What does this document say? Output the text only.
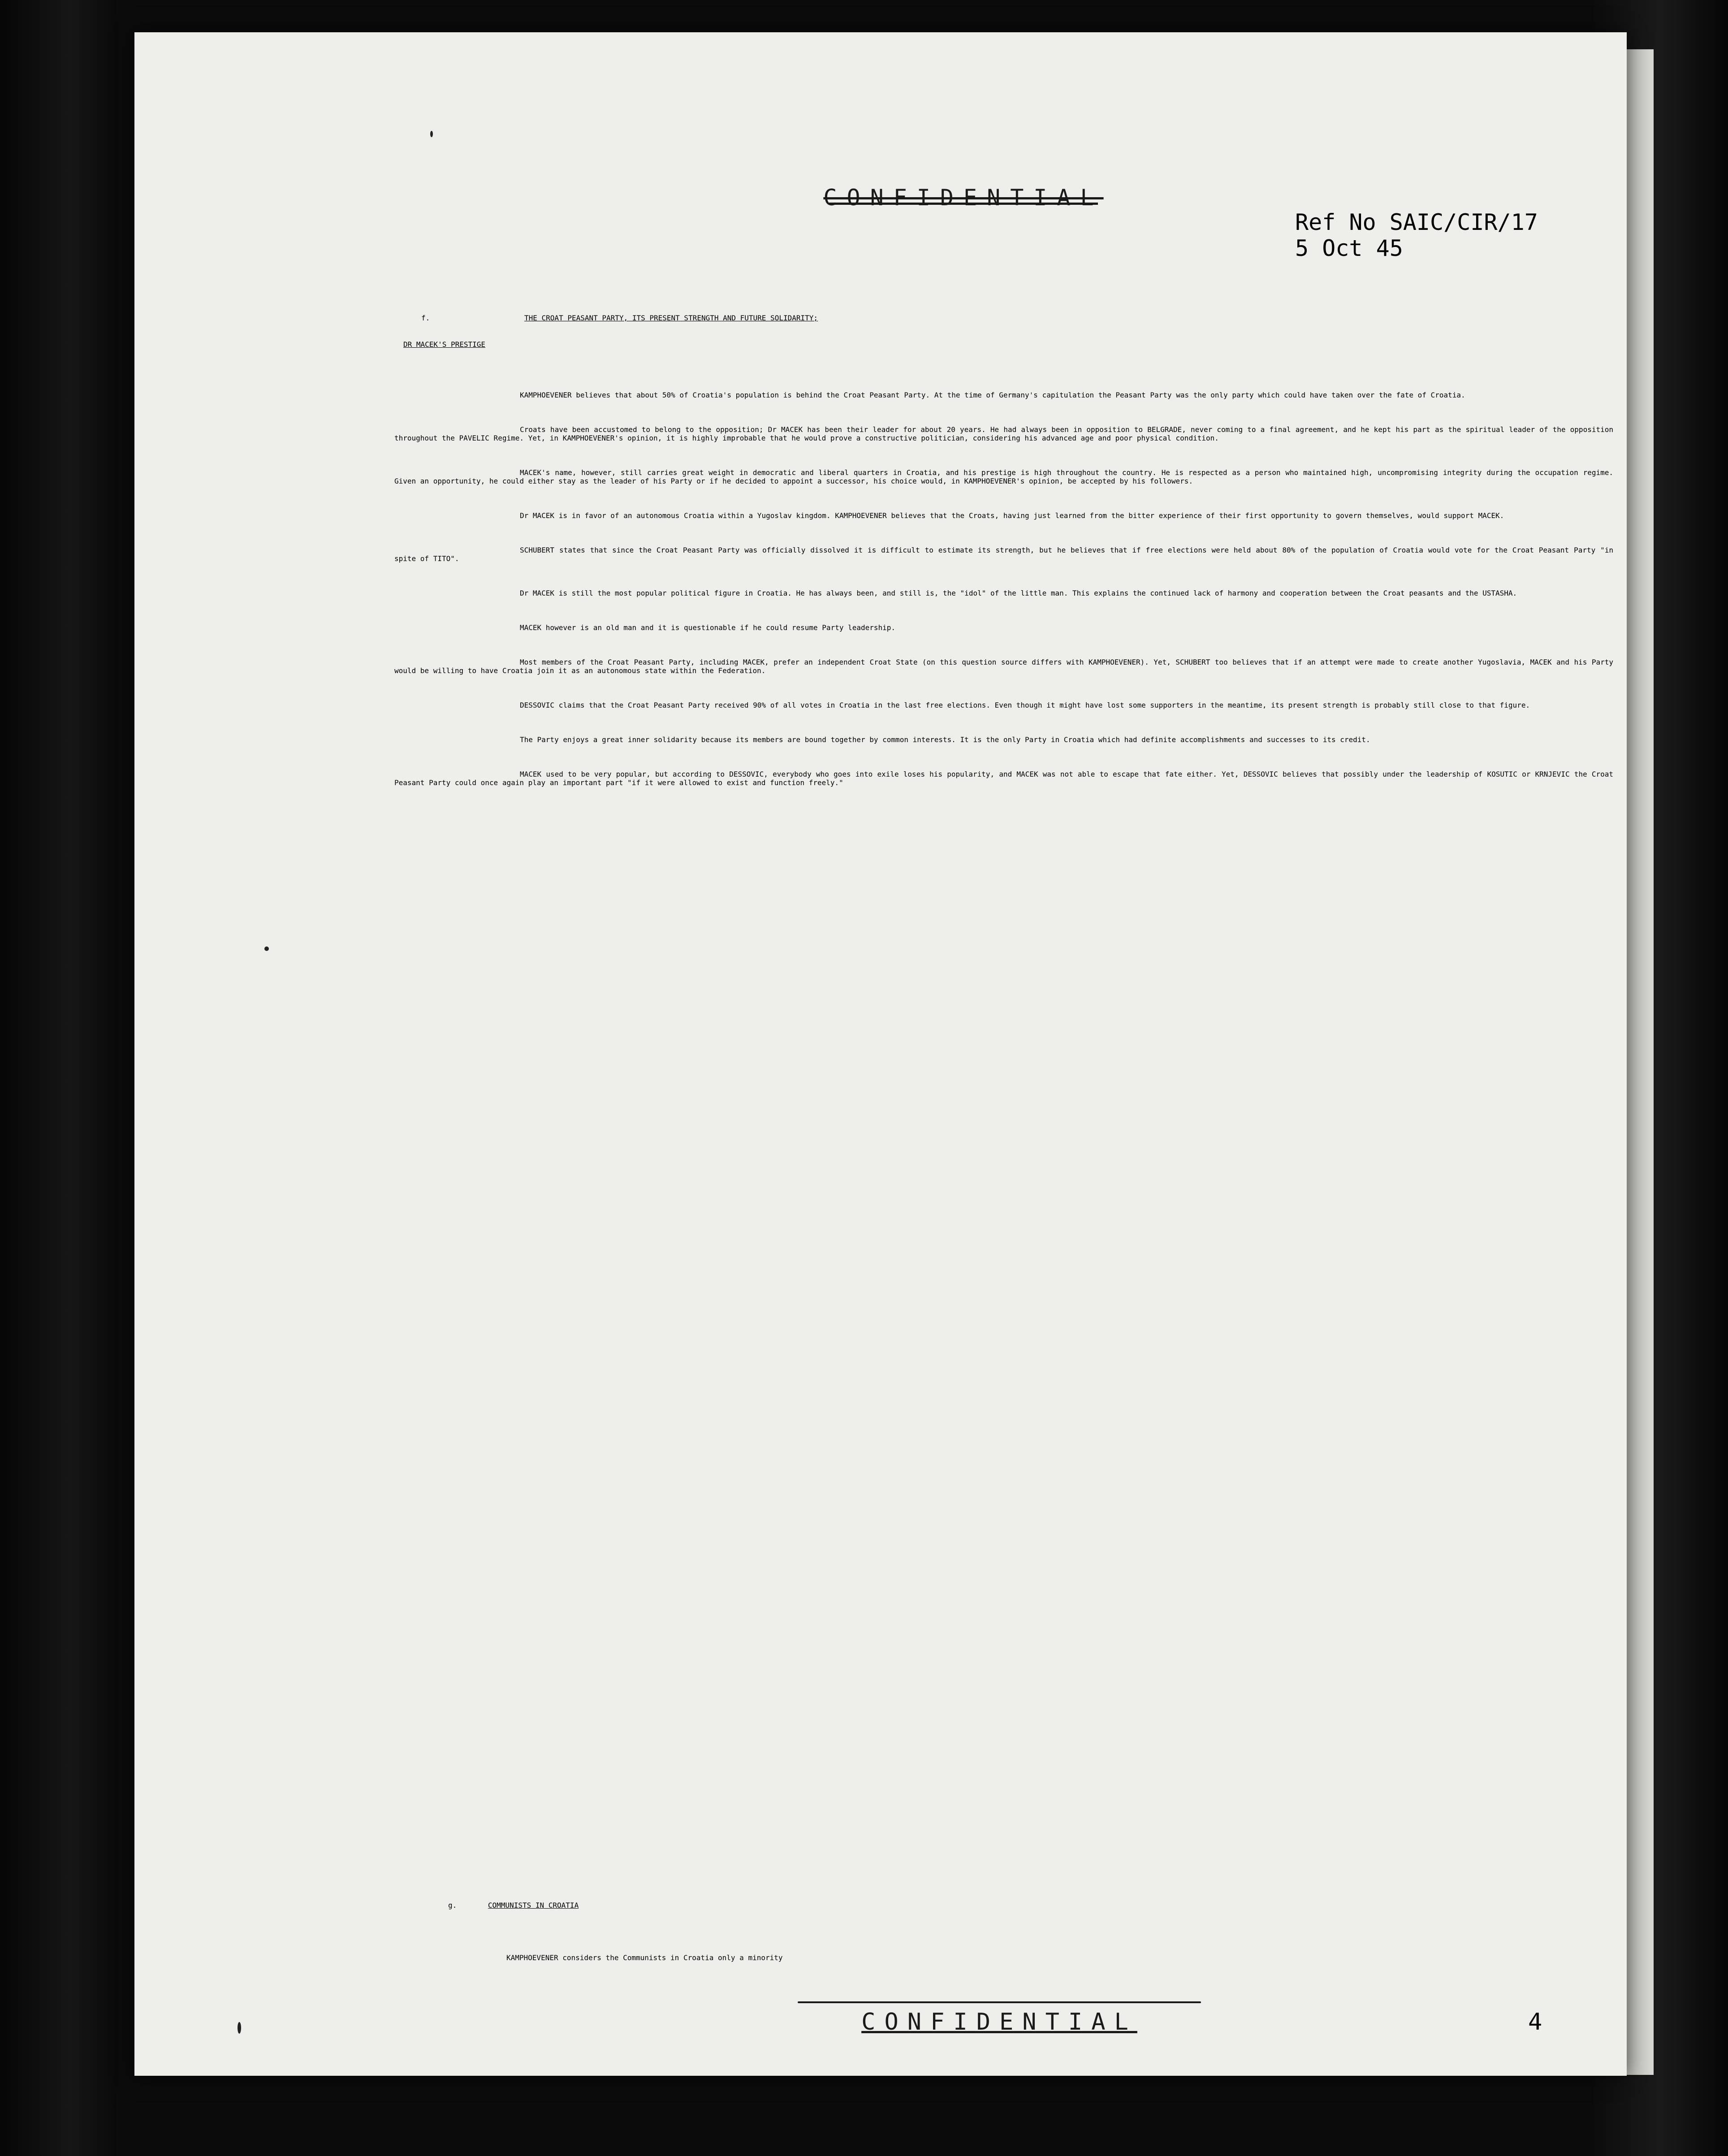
CONFIDENTIAL
Ref No SAIC/CIR/17
5 Oct 45
f.	THE CROAT PEASANT PARTY, ITS PRESENT STRENGTH AND FUTURE SOLIDARITY;
DR MACEK'S PRESTIGE

KAMPHOEVENER believes that about 50% of Croatia's population is behind the Croat Peasant Party. At the time of Germany's capitulation the Peasant Party was the only party which could have taken over the fate of Croatia.

Croats have been accustomed to belong to the opposition; Dr MACEK has been their leader for about 20 years. He had always been in opposition to BELGRADE, never coming to a final agreement, and he kept his part as the spiritual leader of the opposition throughout the PAVELIC Regime. Yet, in KAMPHOEVENER's opinion, it is highly improbable that he would prove a constructive politician, considering his advanced age and poor physical condition.

MACEK's name, however, still carries great weight in democratic and liberal quarters in Croatia, and his prestige is high throughout the country. He is respected as a person who maintained high, uncompromising integrity during the occupation regime. Given an opportunity, he could either stay as the leader of his Party or if he decided to appoint a successor, his choice would, in KAMPHOEVENER's opinion, be accepted by his followers.

Dr MACEK is in favor of an autonomous Croatia within a Yugoslav kingdom. KAMPHOEVENER believes that the Croats, having just learned from the bitter experience of their first opportunity to govern themselves, would support MACEK.

SCHUBERT states that since the Croat Peasant Party was officially dissolved it is difficult to estimate its strength, but he believes that if free elections were held about 80% of the population of Croatia would vote for the Croat Peasant Party "in spite of TITO".

Dr MACEK is still the most popular political figure in Croatia. He has always been, and still is, the "idol" of the little man. This explains the continued lack of harmony and cooperation between the Croat peasants and the USTASHA.

MACEK however is an old man and it is questionable if he could resume Party leadership.

Most members of the Croat Peasant Party, including MACEK, prefer an independent Croat State (on this question source differs with KAMPHOEVENER). Yet, SCHUBERT too believes that if an attempt were made to create another Yugoslavia, MACEK and his Party would be willing to have Croatia join it as an autonomous state within the Federation.

DESSOVIC claims that the Croat Peasant Party received 90% of all votes in Croatia in the last free elections. Even though it might have lost some supporters in the meantime, its present strength is probably still close to that figure.

The Party enjoys a great inner solidarity because its members are bound together by common interests. It is the only Party in Croatia which had definite accomplishments and successes to its credit.

MACEK used to be very popular, but according to DESSOVIC, everybody who goes into exile loses his popularity, and MACEK was not able to escape that fate either. Yet, DESSOVIC believes that possibly under the leadership of KOSUTIC or KRNJEVIC the Croat Peasant Party could once again play an important part "if it were allowed to exist and function freely."

g.	COMMUNISTS IN CROATIA
KAMPHOEVENER considers the Communists in Croatia only a minority
CONFIDENTIAL	4
